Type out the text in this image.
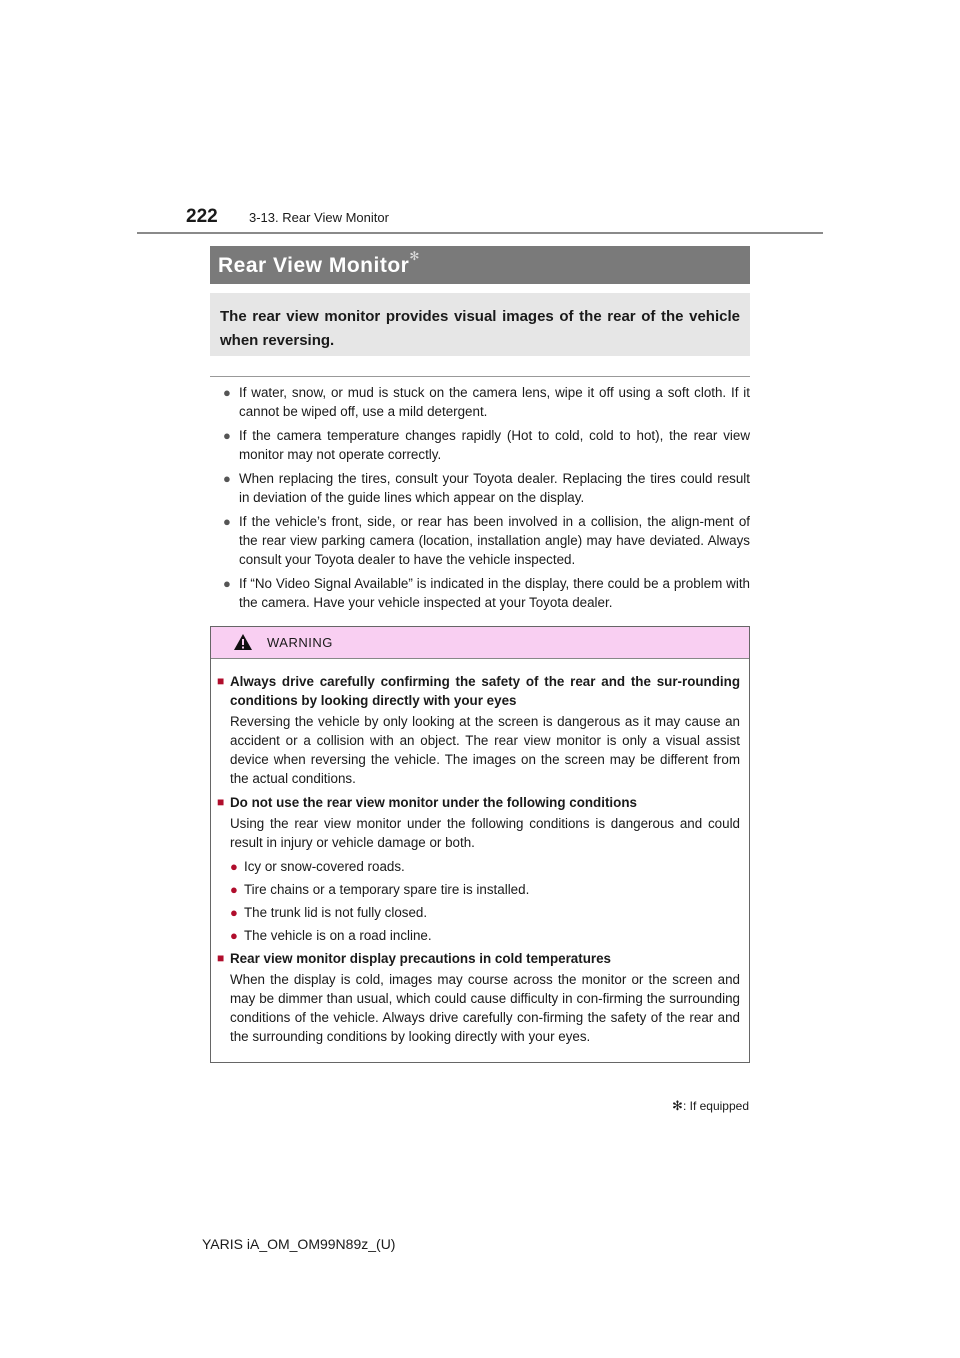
222 3-13. Rear View Monitor
Rear View Monitor✻
The rear view monitor provides visual images of the rear of the vehicle when reversing.
● If water, snow, or mud is stuck on the camera lens, wipe it off using a soft cloth. If it cannot be wiped off, use a mild detergent.
● If the camera temperature changes rapidly (Hot to cold, cold to hot), the rear view monitor may not operate correctly.
● When replacing the tires, consult your Toyota dealer. Replacing the tires could result in deviation of the guide lines which appear on the display.
● If the vehicle’s front, side, or rear has been involved in a collision, the align-ment of the rear view parking camera (location, installation angle) may have deviated. Always consult your Toyota dealer to have the vehicle inspected.
● If “No Video Signal Available” is indicated in the display, there could be a problem with the camera. Have your vehicle inspected at your Toyota dealer.
WARNING
■ Always drive carefully confirming the safety of the rear and the sur-rounding conditions by looking directly with your eyes
Reversing the vehicle by only looking at the screen is dangerous as it may cause an accident or a collision with an object. The rear view monitor is only a visual assist device when reversing the vehicle. The images on the screen may be different from the actual conditions.
■ Do not use the rear view monitor under the following conditions
Using the rear view monitor under the following conditions is dangerous and could result in injury or vehicle damage or both.
● Icy or snow-covered roads.
● Tire chains or a temporary spare tire is installed.
● The trunk lid is not fully closed.
● The vehicle is on a road incline.
■ Rear view monitor display precautions in cold temperatures
When the display is cold, images may course across the monitor or the screen and may be dimmer than usual, which could cause difficulty in con-firming the surrounding conditions of the vehicle. Always drive carefully con-firming the safety of the rear and the surrounding conditions by looking directly with your eyes.
✻: If equipped
YARIS iA_OM_OM99N89z_(U)
